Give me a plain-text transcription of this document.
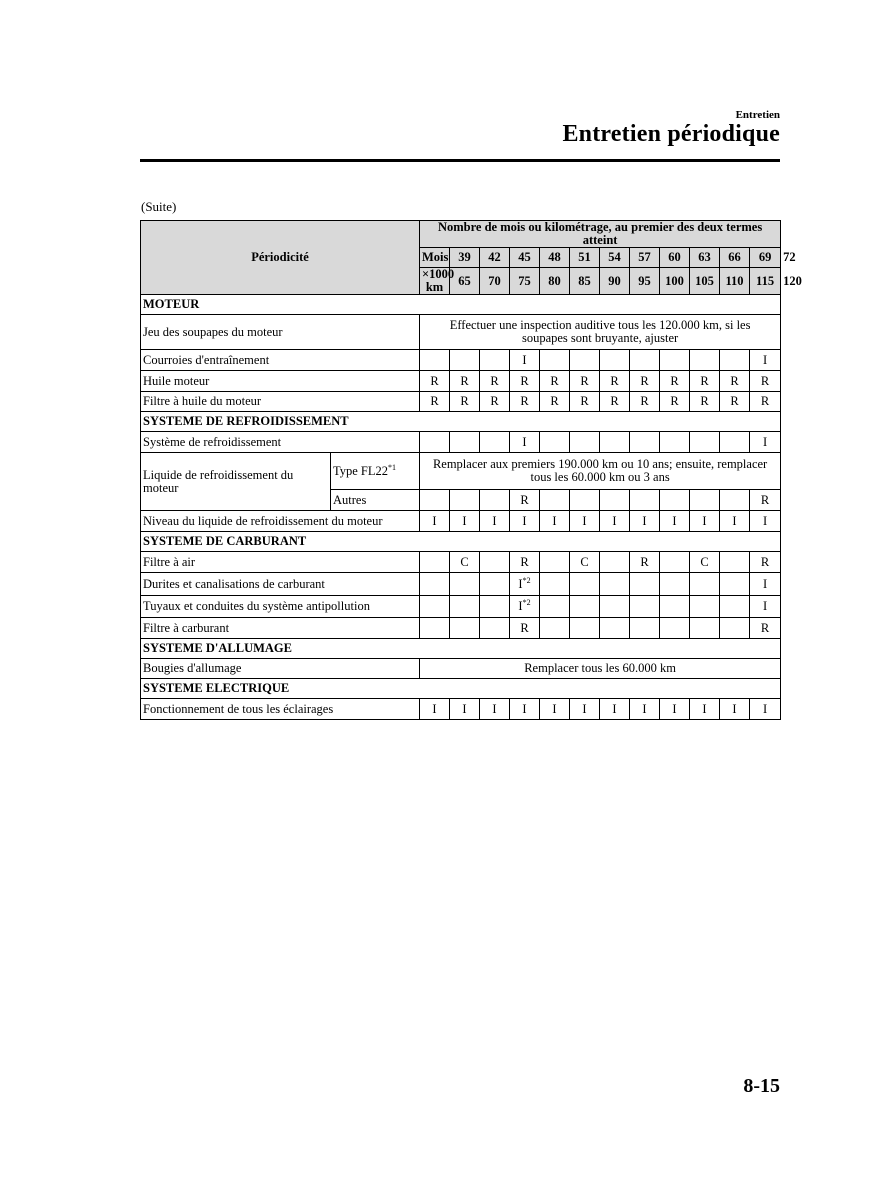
Entretien
Entretien périodique
(Suite)
Périodicité		Nombre de mois ou kilométrage, au premier des deux termes atteint												
		Mois	39	42	45	48	51	54	57	60	63	66	69	72
		×1000 km	65	70	75	80	85	90	95	100	105	110	115	120
MOTEUR														
Jeu des soupapes du moteur		Effectuer une inspection auditive tous les 120.000 km, si les soupapes sont bruyante, ajuster												
Courroies d'entraînement					I								I	
Huile moteur		R	R	R	R	R	R	R	R	R	R	R	R	
Filtre à huile du moteur		R	R	R	R	R	R	R	R	R	R	R	R	
SYSTEME DE REFROIDISSEMENT														
Système de refroidissement					I								I	
Liquide de refroidissement du moteur	Type FL22$^{*1}$	Remplacer aux premiers 190.000 km ou 10 ans; ensuite, remplacer tous les 60.000 km ou 3 ans												
	Autres				R								R	
Niveau du liquide de refroidissement du moteur		I	I	I	I	I	I	I	I	I	I	I	I	
SYSTEME DE CARBURANT														
Filtre à air			C		R		C		R		C		R	
Durites et canalisations de carburant					$I^{*2}$								I	
Tuyaux et conduites du système antipollution					$I^{*2}$								I	
Filtre à carburant					R								R	
SYSTEME D'ALLUMAGE														
Bougies d'allumage		Remplacer tous les 60.000 km												
SYSTEME ELECTRIQUE														
Fonctionnement de tous les éclairages		I	I	I	I	I	I	I	I	I	I	I	I	
8-15
